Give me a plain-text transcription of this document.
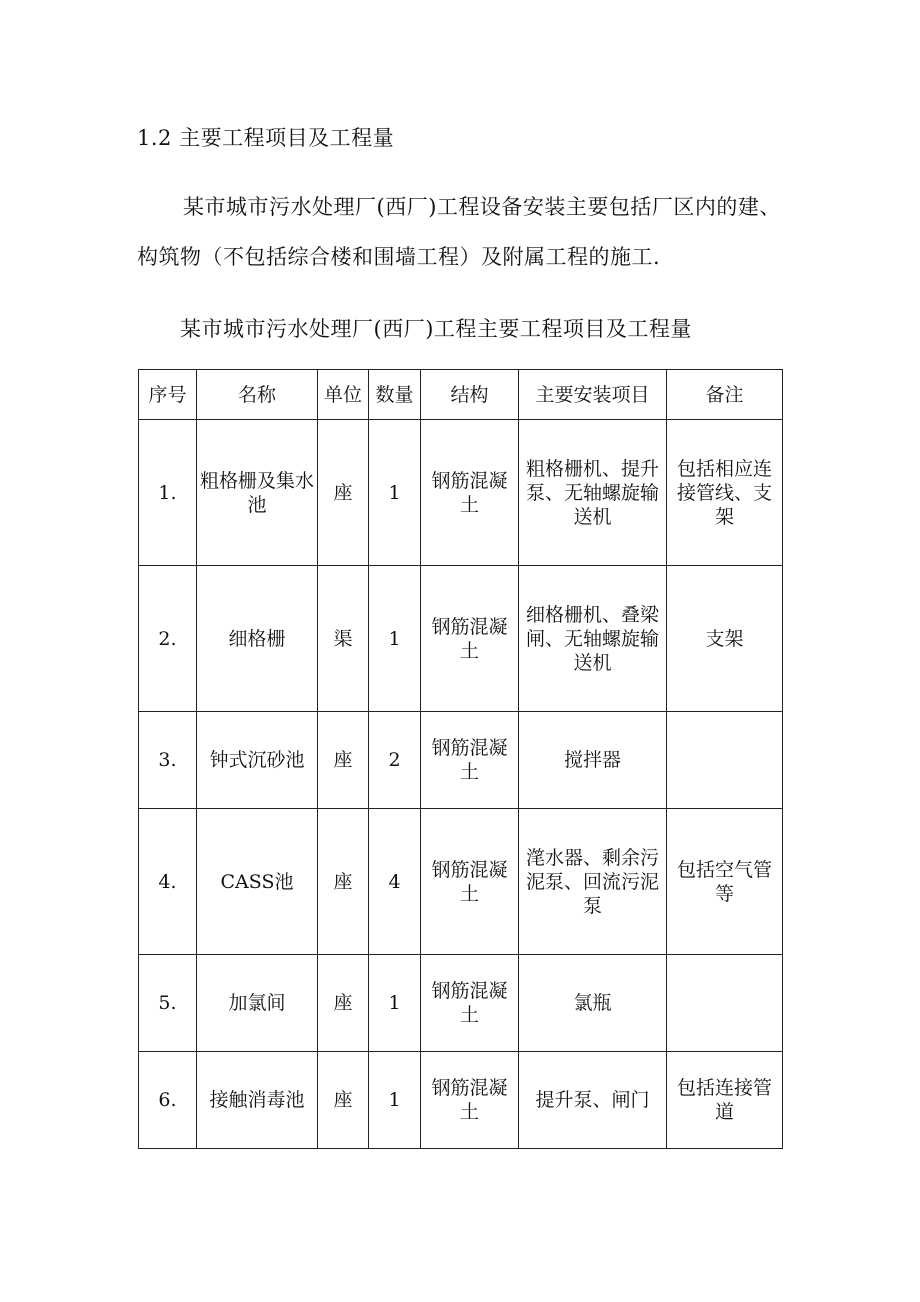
1.2 主要工程项目及工程量
某市城市污水处理厂(西厂)工程设备安装主要包括厂区内的建、
构筑物（不包括综合楼和围墙工程）及附属工程的施工.
某市城市污水处理厂(西厂)工程主要工程项目及工程量
序号	名称	单位	数量	结构	主要安装项目	备注
1.	粗格栅及集水池	座	1	钢筋混凝土	粗格栅机、提升泵、无轴螺旋输送机	包括相应连接管线、支架
2.	细格栅	渠	1	钢筋混凝土	细格栅机、叠梁闸、无轴螺旋输送机	支架
3.	钟式沉砂池	座	2	钢筋混凝土	搅拌器	
4.	CASS池	座	4	钢筋混凝土	滗水器、剩余污泥泵、回流污泥泵	包括空气管等
5.	加氯间	座	1	钢筋混凝土	氯瓶	
6.	接触消毒池	座	1	钢筋混凝土	提升泵、闸门	包括连接管道
